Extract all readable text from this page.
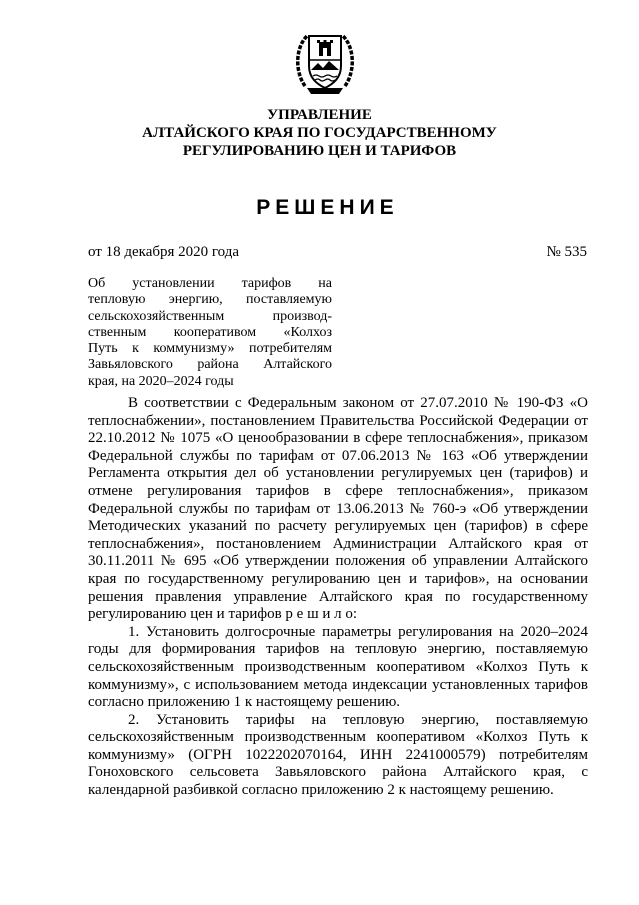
УПРАВЛЕНИЕ
АЛТАЙСКОГО КРАЯ ПО ГОСУДАРСТВЕННОМУ
РЕГУЛИРОВАНИЮ ЦЕН И ТАРИФОВ
РЕШЕНИЕ
от 18 декабря 2020 года	№ 535
Об установлении тарифов на
тепловую энергию, поставляемую
сельскохозяйственным производ-
ственным кооперативом «Колхоз
Путь к коммунизму» потребителям
Завьяловского района Алтайского
края, на 2020–2024 годы
В соответствии с Федеральным законом от 27.07.2010 № 190-ФЗ «О
теплоснабжении», постановлением Правительства Российской Федерации от
22.10.2012 № 1075 «О ценообразовании в сфере теплоснабжения», приказом
Федеральной службы по тарифам от 07.06.2013 № 163 «Об утверждении
Регламента открытия дел об установлении регулируемых цен (тарифов) и
отмене регулирования тарифов в сфере теплоснабжения», приказом
Федеральной службы по тарифам от 13.06.2013 № 760-э «Об утверждении
Методических указаний по расчету регулируемых цен (тарифов) в сфере
теплоснабжения», постановлением Администрации Алтайского края от
30.11.2011 № 695 «Об утверждении положения об управлении Алтайского
края по государственному регулированию цен и тарифов», на основании
решения правления управление Алтайского края по государственному
регулированию цен и тарифов р е ш и л о:
1. Установить долгосрочные параметры регулирования на 2020–2024
годы для формирования тарифов на тепловую энергию, поставляемую
сельскохозяйственным производственным кооперативом «Колхоз Путь к
коммунизму», с использованием метода индексации установленных тарифов
согласно приложению 1 к настоящему решению.
2. Установить тарифы на тепловую энергию, поставляемую
сельскохозяйственным производственным кооперативом «Колхоз Путь к
коммунизму» (ОГРН 1022202070164, ИНН 2241000579) потребителям
Гоноховского сельсовета Завьяловского района Алтайского края, с
календарной разбивкой согласно приложению 2 к настоящему решению.
